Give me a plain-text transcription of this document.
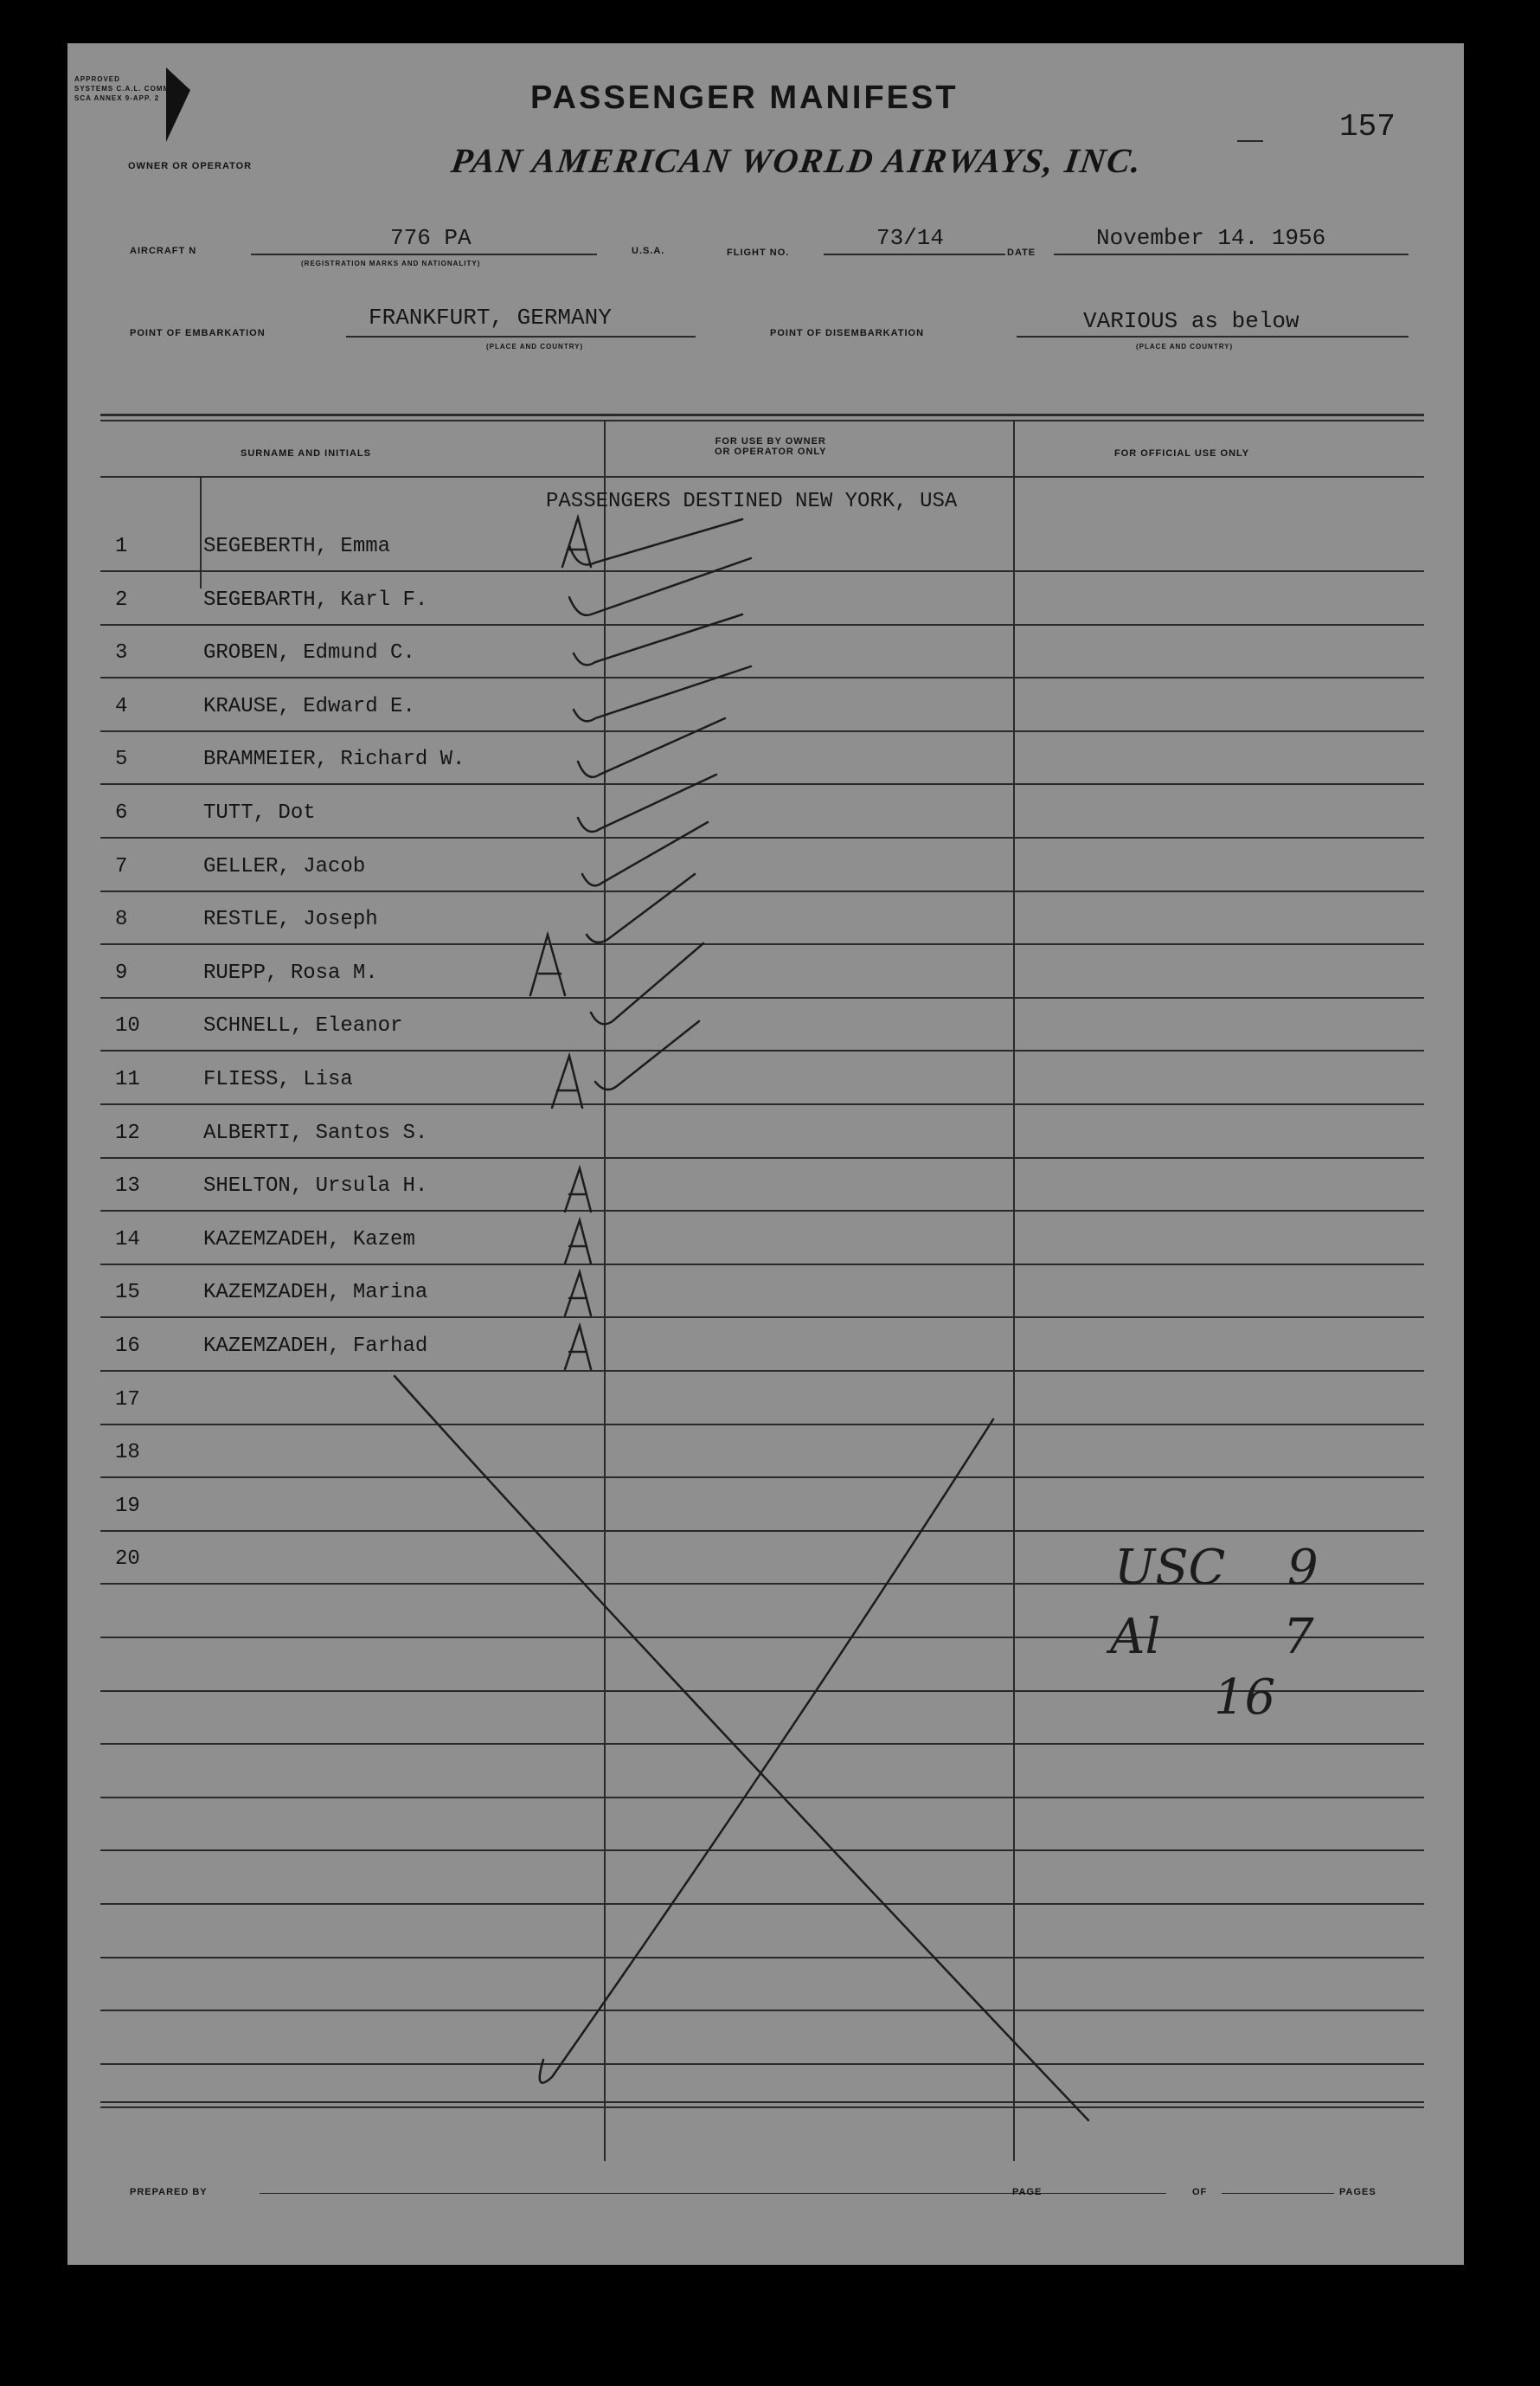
APPROVED
SYSTEMS C.A.L. COMM.
SCA ANNEX 9-APP. 2
OWNER OR OPERATOR
PASSENGER MANIFEST
PAN AMERICAN WORLD AIRWAYS, INC.
157
AIRCRAFT N	776 PA
(REGISTRATION MARKS AND NATIONALITY)
U.S.A.	FLIGHT NO.
73/14
DATE
November 14. 1956
POINT OF EMBARKATION
FRANKFURT, GERMANY
(PLACE AND COUNTRY)
POINT OF DISEMBARKATION	VARIOUS as below
(PLACE AND COUNTRY)
SURNAME AND INITIALS
FOR USE BY OWNER
OR OPERATOR ONLY	FOR OFFICIAL USE ONLY
PASSENGERS DESTINED NEW YORK, USA
1	SEGEBERTH, Emma
2	SEGEBARTH, Karl F.
3	GROBEN, Edmund C.
4	KRAUSE, Edward E.
5	BRAMMEIER, Richard W.
6	TUTT, Dot
7	GELLER, Jacob
8	RESTLE, Joseph
9	RUEPP, Rosa M.
10	SCHNELL, Eleanor
11	FLIESS, Lisa
12	ALBERTI, Santos S.
13	SHELTON, Ursula H.
14	KAZEMZADEH, Kazem
15	KAZEMZADEH, Marina
16	KAZEMZADEH, Farhad
17
18
19
20
PREPARED BY	PAGE	OF	PAGES
USC 9
Al	7
16
